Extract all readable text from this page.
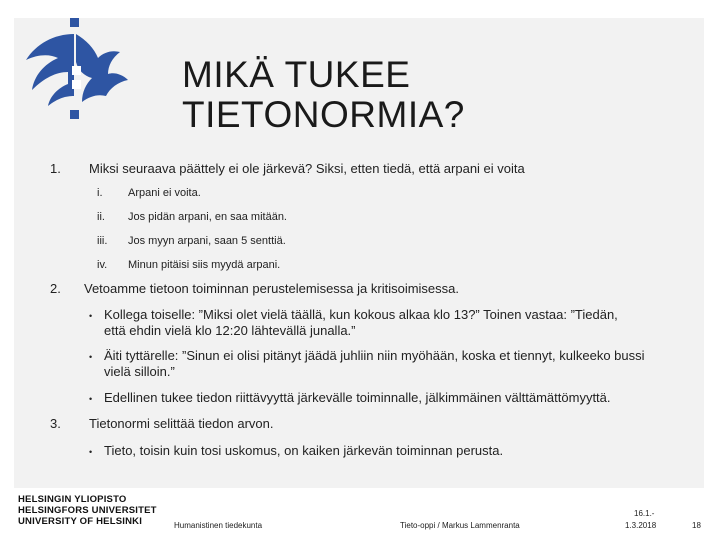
MIKÄ TUKEE
TIETONORMIA?
1. Miksi seuraava päättely ei ole järkevä? Siksi, etten tiedä, että arpani ei voita
i. Arpani ei voita.
ii. Jos pidän arpani, en saa mitään.
iii. Jos myyn arpani, saan 5 senttiä.
iv. Minun pitäisi siis myydä arpani.
2. Vetoamme tietoon toiminnan perustelemisessa ja kritisoimisessa.
• Kollega toiselle: ”Miksi olet vielä täällä, kun kokous alkaa klo 13?” Toinen vastaa: ”Tiedän,
että ehdin vielä klo 12:20 lähtevällä junalla.”
• Äiti tyttärelle: ”Sinun ei olisi pitänyt jäädä juhliin niin myöhään, koska et tiennyt, kulkeeko bussi
vielä silloin.”
• Edellinen tukee tiedon riittävyyttä järkevälle toiminnalle, jälkimmäinen välttämättömyyttä.
3. Tietonormi selittää tiedon arvon.
• Tieto, toisin kuin tosi uskomus, on kaiken järkevän toiminnan perusta.
HELSINGIN YLIOPISTO
HELSINGFORS UNIVERSITET
UNIVERSITY OF HELSINKI	Humanistinen tiedekunta	Tieto-oppi / Markus Lammenranta
16.1.-
1.3.2018	18
